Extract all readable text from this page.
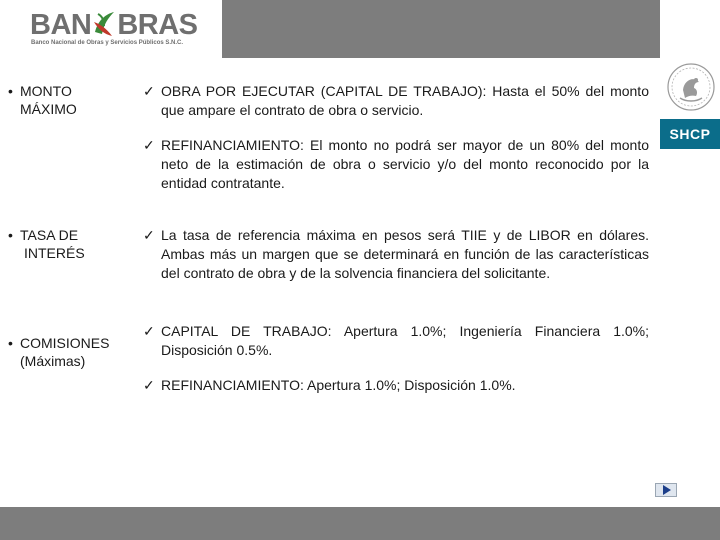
BAN BRAS
Banco Nacional de Obras y Servicios Públicos S.N.C.
SHCP
• MONTO
MÁXIMO
✓ OBRA POR EJECUTAR (CAPITAL DE TRABAJO): Hasta el 50% del monto que ampare el contrato de obra o servicio.
✓ REFINANCIAMIENTO: El monto no podrá ser mayor de un 80% del monto neto de la estimación de obra o servicio y/o del monto reconocido por la entidad contratante.
• TASA DE
INTERÉS
✓ La tasa de referencia máxima en pesos será TIIE y de LIBOR en dólares. Ambas más un margen que se determinará en función de las características del contrato de obra y de la solvencia financiera del solicitante.
• COMISIONES
(Máximas)
✓ CAPITAL DE TRABAJO: Apertura 1.0%; Ingeniería Financiera 1.0%; Disposición 0.5%.
✓ REFINANCIAMIENTO: Apertura 1.0%; Disposición 1.0%.
